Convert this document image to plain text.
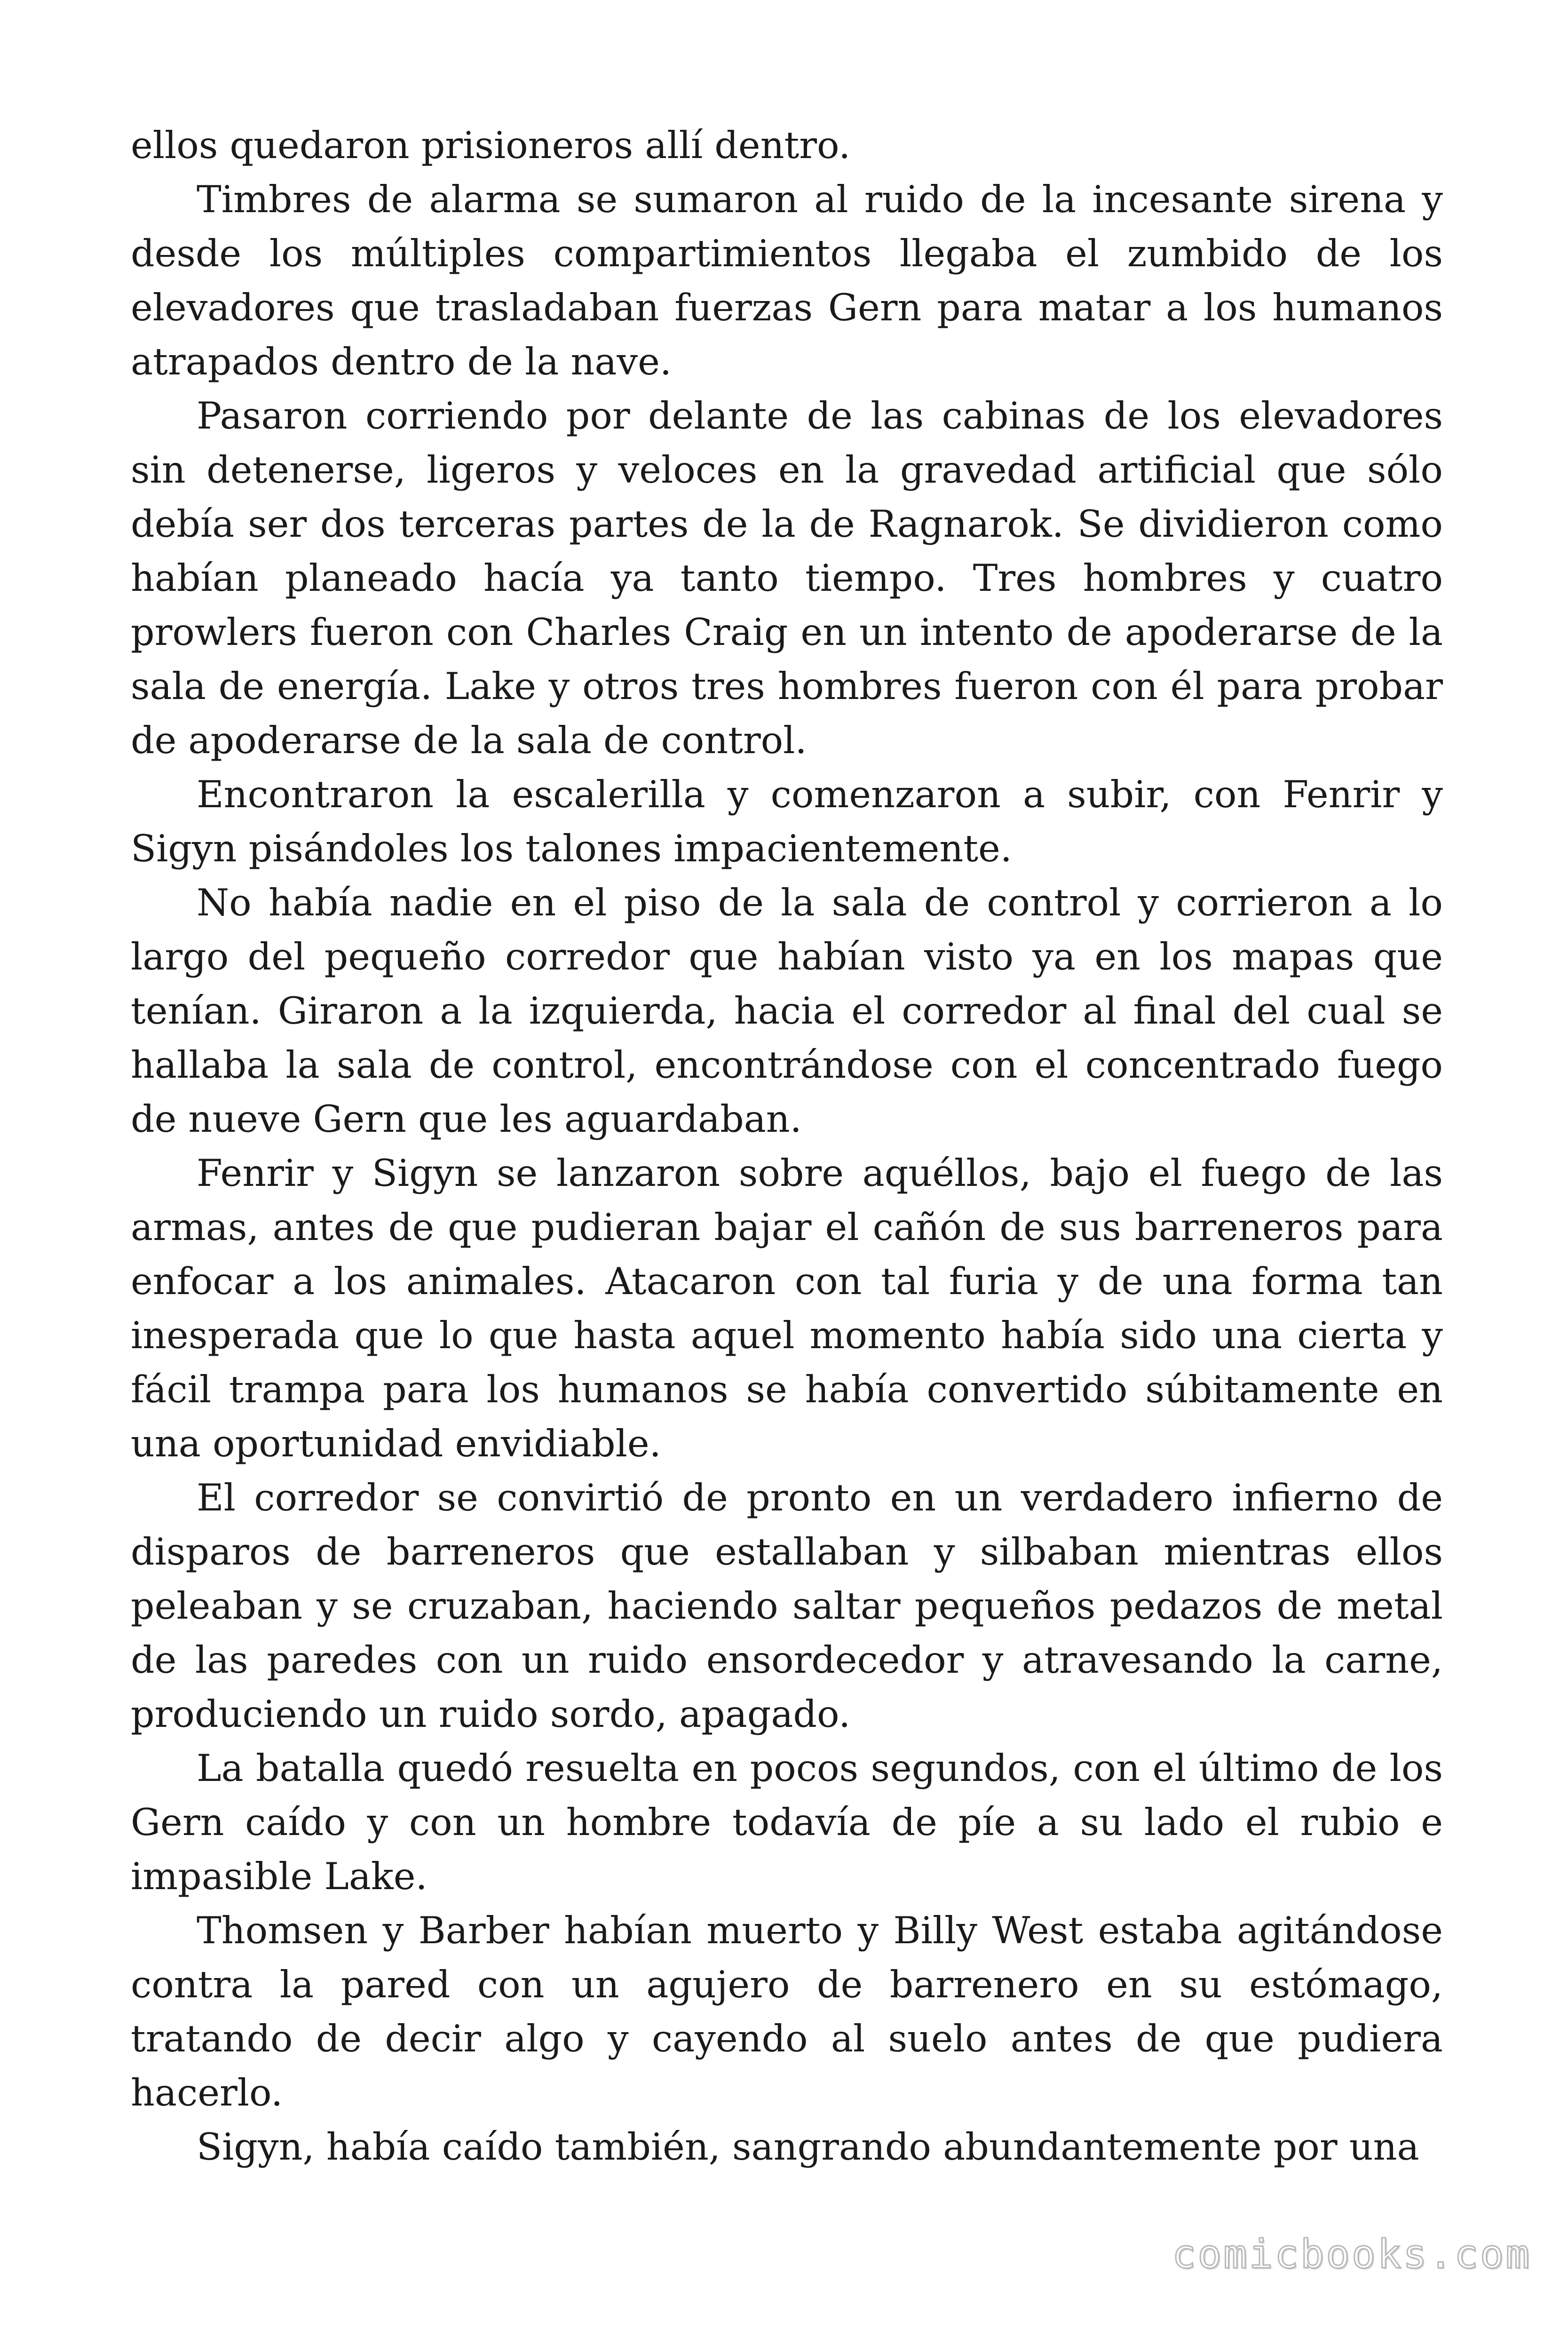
ellos quedaron prisioneros allí dentro.

Timbres de alarma se sumaron al ruido de la incesante sirena y desde los múltiples compartimientos llegaba el zumbido de los elevadores que trasladaban fuerzas Gern para matar a los humanos atrapados dentro de la nave.

Pasaron corriendo por delante de las cabinas de los elevadores sin detenerse, ligeros y veloces en la gravedad artificial que sólo debía ser dos terceras partes de la de Ragnarok. Se dividieron como habían planeado hacía ya tanto tiempo. Tres hombres y cuatro prowlers fueron con Charles Craig en un intento de apoderarse de la sala de energía. Lake y otros tres hombres fueron con él para probar de apoderarse de la sala de control.

Encontraron la escalerilla y comenzaron a subir, con Fenrir y Sigyn pisándoles los talones impacientemente.

No había nadie en el piso de la sala de control y corrieron a lo largo del pequeño corredor que habían visto ya en los mapas que tenían. Giraron a la izquierda, hacia el corredor al final del cual se hallaba la sala de control, encontrándose con el concentrado fuego de nueve Gern que les aguardaban.

Fenrir y Sigyn se lanzaron sobre aquéllos, bajo el fuego de las armas, antes de que pudieran bajar el cañón de sus barreneros para enfocar a los animales. Atacaron con tal furia y de una forma tan inesperada que lo que hasta aquel momento había sido una cierta y fácil trampa para los humanos se había convertido súbitamente en una oportunidad envidiable.

El corredor se convirtió de pronto en un verdadero infierno de disparos de barreneros que estallaban y silbaban mientras ellos peleaban y se cruzaban, haciendo saltar pequeños pedazos de metal de las paredes con un ruido ensordecedor y atravesando la carne, produciendo un ruido sordo, apagado.

La batalla quedó resuelta en pocos segundos, con el último de los Gern caído y con un hombre todavía de píe a su lado el rubio e impasible Lake.

Thomsen y Barber habían muerto y Billy West estaba agitándose contra la pared con un agujero de barrenero en su estómago, tratando de decir algo y cayendo al suelo antes de que pudiera hacerlo.

Sigyn, había caído también, sangrando abundantemente por una

comicbooks.com
